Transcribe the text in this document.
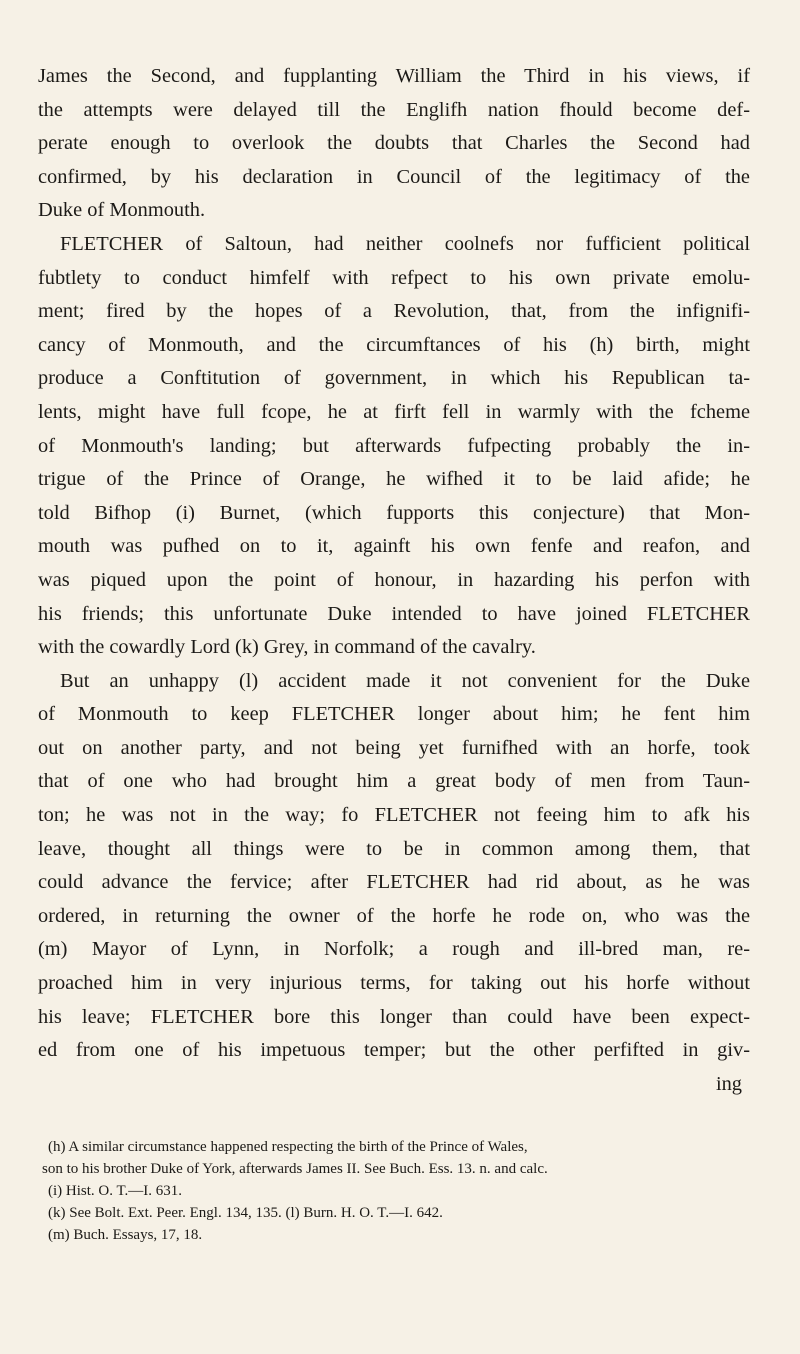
James the Second, and fupplanting William the Third in his views, if
the attempts were delayed till the Englifh nation fhould become def-
perate enough to overlook the doubts that Charles the Second had
confirmed, by his declaration in Council of the legitimacy of the
Duke of Monmouth.
FLETCHER of Saltoun, had neither coolnefs nor fufficient political
fubtlety to conduct himfelf with refpect to his own private emolu-
ment; fired by the hopes of a Revolution, that, from the infignifi-
cancy of Monmouth, and the circumftances of his (h) birth, might
produce a Conftitution of government, in which his Republican ta-
lents, might have full fcope, he at firft fell in warmly with the fcheme
of Monmouth's landing; but afterwards fufpecting probably the in-
trigue of the Prince of Orange, he wifhed it to be laid afide; he
told Bifhop (i) Burnet, (which fupports this conjecture) that Mon-
mouth was pufhed on to it, againft his own fenfe and reafon, and
was piqued upon the point of honour, in hazarding his perfon with
his friends; this unfortunate Duke intended to have joined FLETCHER
with the cowardly Lord (k) Grey, in command of the cavalry.
But an unhappy (l) accident made it not convenient for the Duke
of Monmouth to keep FLETCHER longer about him; he fent him
out on another party, and not being yet furnifhed with an horfe, took
that of one who had brought him a great body of men from Taun-
ton; he was not in the way; fo FLETCHER not feeing him to afk his
leave, thought all things were to be in common among them, that
could advance the fervice; after FLETCHER had rid about, as he was
ordered, in returning the owner of the horfe he rode on, who was the
(m) Mayor of Lynn, in Norfolk; a rough and ill-bred man, re-
proached him in very injurious terms, for taking out his horfe without
his leave; FLETCHER bore this longer than could have been expect-
ed from one of his impetuous temper; but the other perfifted in giv-
ing
(h) A similar circumstance happened respecting the birth of the Prince of Wales,
son to his brother Duke of York, afterwards James II. See Buch. Ess. 13. n. and calc.
(i) Hist. O. T.—I. 631.
(k) See Bolt. Ext. Peer. Engl. 134, 135. (l) Burn. H. O. T.—I. 642.
(m) Buch. Essays, 17, 18.
